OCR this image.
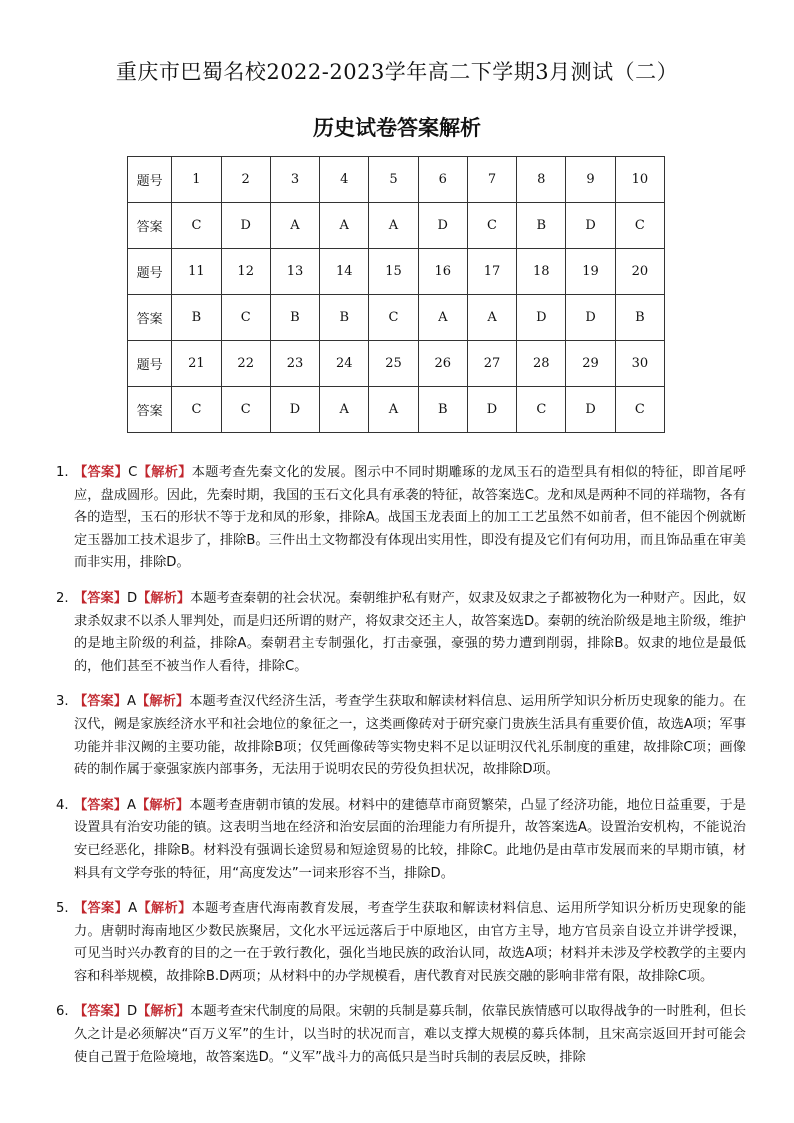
重庆市巴蜀名校2022-2023学年高二下学期3月测试（二）
历史试卷答案解析
题号	1	2	3	4	5	6	7	8	9	10
答案	C	D	A	A	A	D	C	B	D	C
题号	11	12	13	14	15	16	17	18	19	20
答案	B	C	B	B	C	A	A	D	D	B
题号	21	22	23	24	25	26	27	28	29	30
答案	C	C	D	A	A	B	D	C	D	C
1. 【答案】C【解析】本题考查先秦文化的发展。图示中不同时期雕琢的龙凤玉石的造型具有相似的特征，即首尾呼应，盘成圆形。因此，先秦时期，我国的玉石文化具有承袭的特征，故答案选C。龙和凤是两种不同的祥瑞物，各有各的造型，玉石的形状不等于龙和凤的形象，排除A。战国玉龙表面上的加工工艺虽然不如前者，但不能因个例就断定玉器加工技术退步了，排除B。三件出土文物都没有体现出实用性，即没有提及它们有何功用，而且饰品重在审美而非实用，排除D。
2. 【答案】D【解析】本题考查秦朝的社会状况。秦朝维护私有财产，奴隶及奴隶之子都被物化为一种财产。因此，奴隶杀奴隶不以杀人罪判处，而是归还所谓的财产，将奴隶交还主人，故答案选D。秦朝的统治阶级是地主阶级，维护的是地主阶级的利益，排除A。秦朝君主专制强化，打击豪强，豪强的势力遭到削弱，排除B。奴隶的地位是最低的，他们甚至不被当作人看待，排除C。
3. 【答案】A【解析】本题考查汉代经济生活，考查学生获取和解读材料信息、运用所学知识分析历史现象的能力。在汉代，阙是家族经济水平和社会地位的象征之一，这类画像砖对于研究豪门贵族生活具有重要价值，故选A项；军事功能并非汉阙的主要功能，故排除B项；仅凭画像砖等实物史料不足以证明汉代礼乐制度的重建，故排除C项；画像砖的制作属于豪强家族内部事务，无法用于说明农民的劳役负担状况，故排除D项。
4. 【答案】A【解析】本题考查唐朝市镇的发展。材料中的建德草市商贸繁荣，凸显了经济功能，地位日益重要，于是设置具有治安功能的镇。这表明当地在经济和治安层面的治理能力有所提升，故答案选A。设置治安机构，不能说治安已经恶化，排除B。材料没有强调长途贸易和短途贸易的比较，排除C。此地仍是由草市发展而来的早期市镇，材料具有文学夸张的特征，用“高度发达”一词来形容不当，排除D。
5. 【答案】A【解析】本题考查唐代海南教育发展，考查学生获取和解读材料信息、运用所学知识分析历史现象的能力。唐朝时海南地区少数民族聚居，文化水平远远落后于中原地区，由官方主导，地方官员亲自设立并讲学授课，可见当时兴办教育的目的之一在于敦行教化，强化当地民族的政治认同，故选A项；材料并未涉及学校教学的主要内容和科举规模，故排除B.D两项；从材料中的办学规模看，唐代教育对民族交融的影响非常有限，故排除C项。
6. 【答案】D【解析】本题考查宋代制度的局限。宋朝的兵制是募兵制，依靠民族情感可以取得战争的一时胜利，但长久之计是必须解决“百万义军”的生计，以当时的状况而言，难以支撑大规模的募兵体制，且宋高宗返回开封可能会使自己置于危险境地，故答案选D。“义军”战斗力的高低只是当时兵制的表层反映，排除
